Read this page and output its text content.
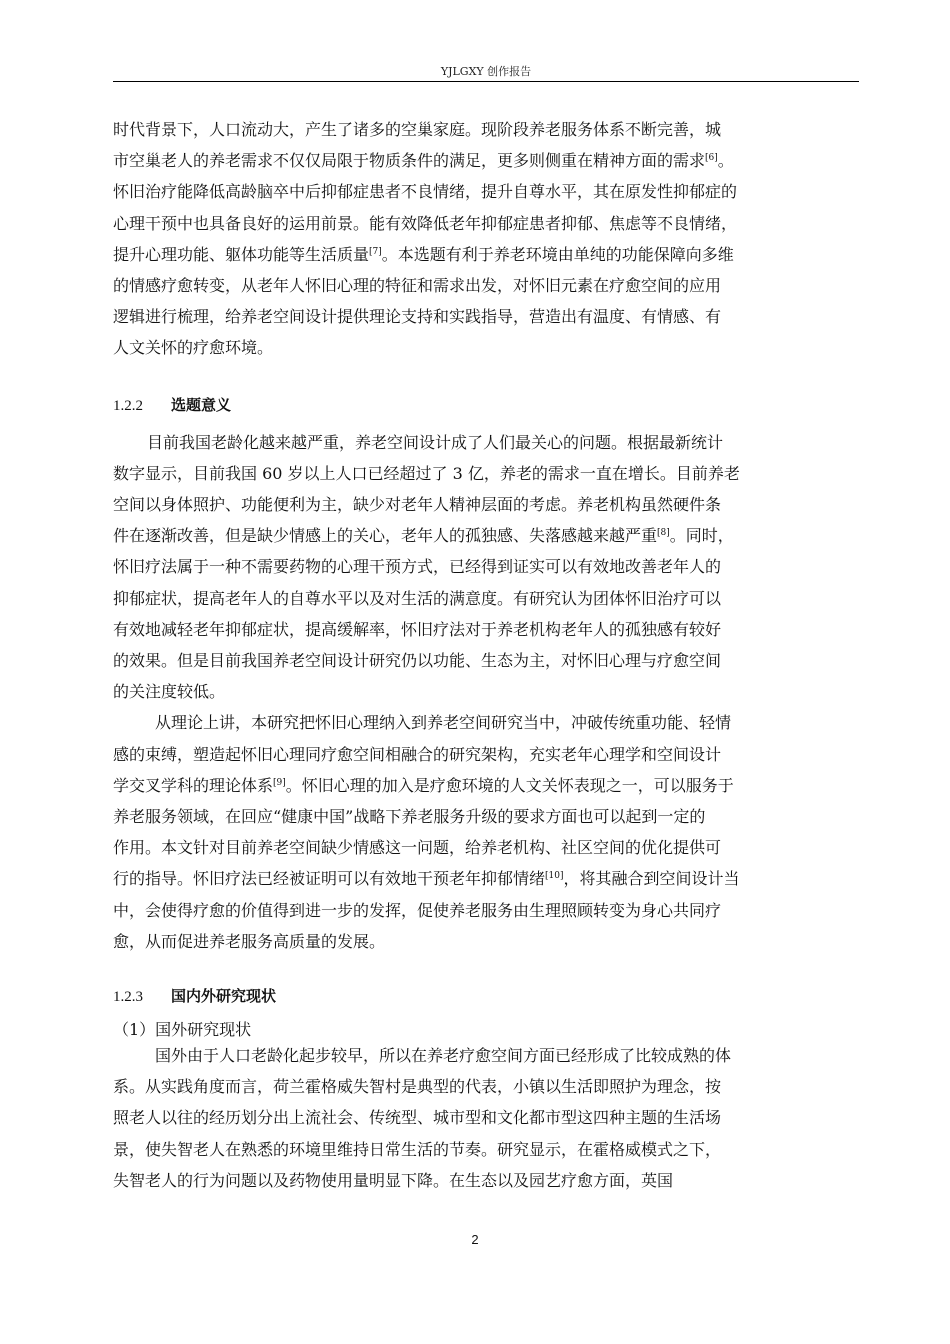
YJLGXY 创作报告

时代背景下，人口流动大，产生了诸多的空巢家庭。现阶段养老服务体系不断完善，城
市空巢老人的养老需求不仅仅局限于物质条件的满足，更多则侧重在精神方面的需求[6]。
怀旧治疗能降低高龄脑卒中后抑郁症患者不良情绪，提升自尊水平，其在原发性抑郁症的
心理干预中也具备良好的运用前景。能有效降低老年抑郁症患者抑郁、焦虑等不良情绪，
提升心理功能、躯体功能等生活质量[7]。本选题有利于养老环境由单纯的功能保障向多维
的情感疗愈转变，从老年人怀旧心理的特征和需求出发，对怀旧元素在疗愈空间的应用
逻辑进行梳理，给养老空间设计提供理论支持和实践指导，营造出有温度、有情感、有
人文关怀的疗愈环境。

1.2.2 选题意义

目前我国老龄化越来越严重，养老空间设计成了人们最关心的问题。根据最新统计
数字显示，目前我国 60 岁以上人口已经超过了 3 亿，养老的需求一直在增长。目前养老
空间以身体照护、功能便利为主，缺少对老年人精神层面的考虑。养老机构虽然硬件条
件在逐渐改善，但是缺少情感上的关心，老年人的孤独感、失落感越来越严重[8]。同时，
怀旧疗法属于一种不需要药物的心理干预方式，已经得到证实可以有效地改善老年人的
抑郁症状，提高老年人的自尊水平以及对生活的满意度。有研究认为团体怀旧治疗可以
有效地减轻老年抑郁症状，提高缓解率，怀旧疗法对于养老机构老年人的孤独感有较好
的效果。但是目前我国养老空间设计研究仍以功能、生态为主，对怀旧心理与疗愈空间
的关注度较低。

从理论上讲，本研究把怀旧心理纳入到养老空间研究当中，冲破传统重功能、轻情
感的束缚，塑造起怀旧心理同疗愈空间相融合的研究架构，充实老年心理学和空间设计
学交叉学科的理论体系[9]。怀旧心理的加入是疗愈环境的人文关怀表现之一，可以服务于
养老服务领域，在回应“健康中国”战略下养老服务升级的要求方面也可以起到一定的
作用。本文针对目前养老空间缺少情感这一问题，给养老机构、社区空间的优化提供可
行的指导。怀旧疗法已经被证明可以有效地干预老年抑郁情绪[10]，将其融合到空间设计当
中，会使得疗愈的价值得到进一步的发挥，促使养老服务由生理照顾转变为身心共同疗
愈，从而促进养老服务高质量的发展。

1.2.3 国内外研究现状

（1）国外研究现状

国外由于人口老龄化起步较早，所以在养老疗愈空间方面已经形成了比较成熟的体
系。从实践角度而言，荷兰霍格威失智村是典型的代表，小镇以生活即照护为理念，按
照老人以往的经历划分出上流社会、传统型、城市型和文化都市型这四种主题的生活场
景，使失智老人在熟悉的环境里维持日常生活的节奏。研究显示，在霍格威模式之下，
失智老人的行为问题以及药物使用量明显下降。在生态以及园艺疗愈方面，英国

2
